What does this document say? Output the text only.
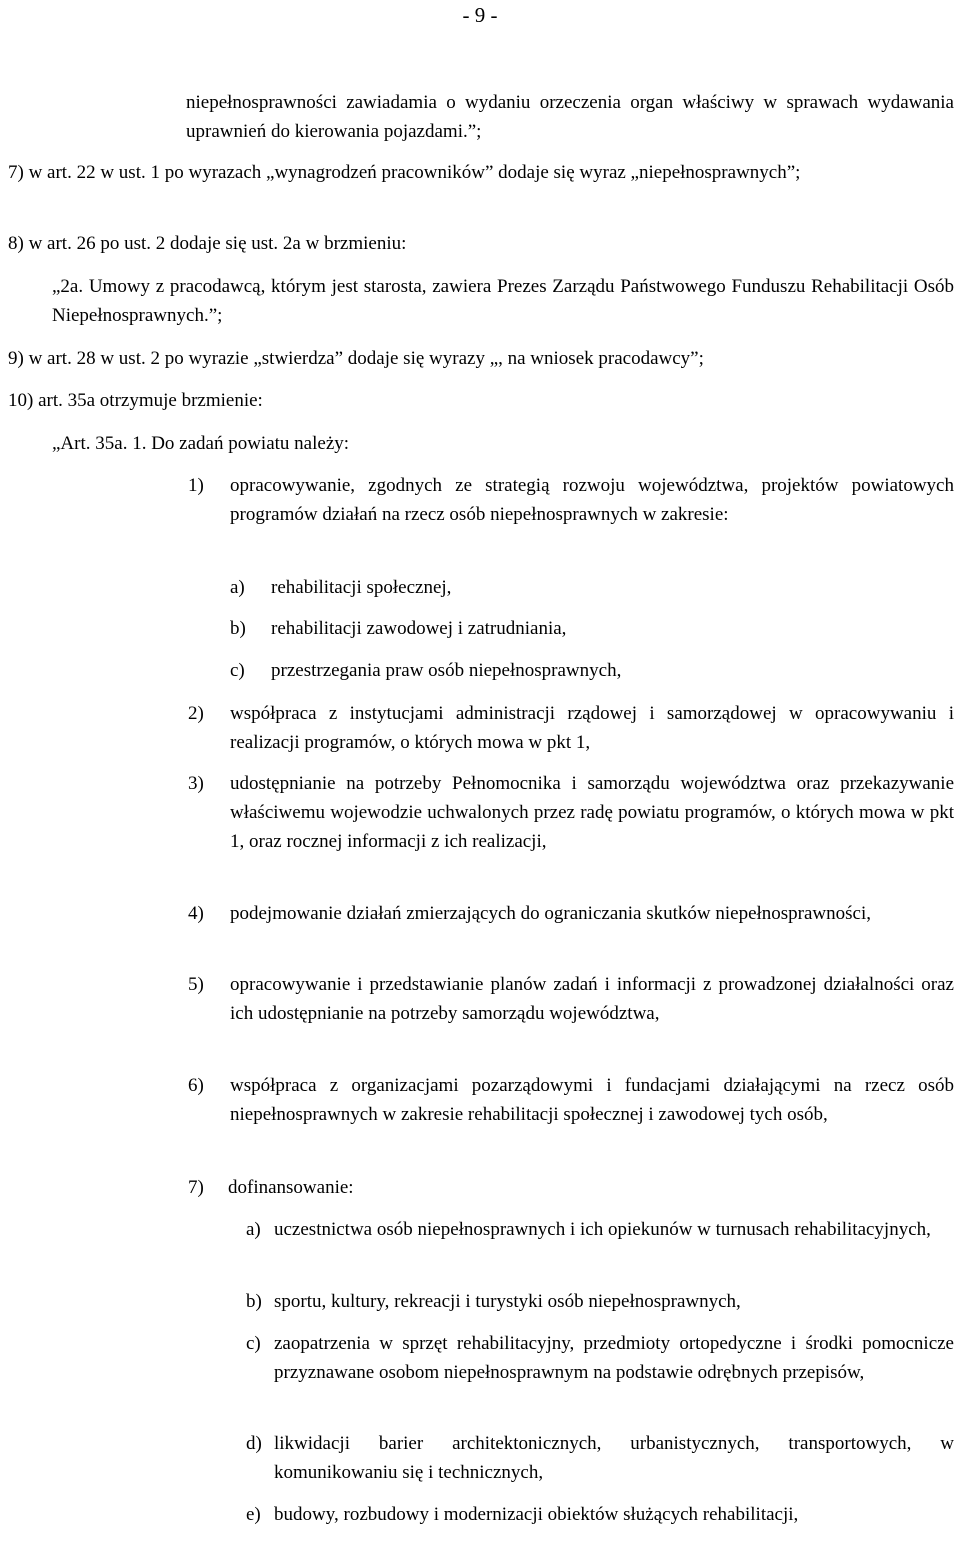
- 9 -

niepełnosprawności zawiadamia o wydaniu orzeczenia organ właściwy w sprawach wydawania uprawnień do kierowania pojazdami.”;

7) w art. 22 w ust. 1 po wyrazach „wynagrodzeń pracowników” dodaje się wyraz „niepełnosprawnych”;

8) w art. 26 po ust. 2 dodaje się ust. 2a w brzmieniu:

„2a. Umowy z pracodawcą, którym jest starosta, zawiera Prezes Zarządu Państwowego Funduszu Rehabilitacji Osób Niepełnosprawnych.”;

9) w art. 28 w ust. 2 po wyrazie „stwierdza” dodaje się wyrazy „, na wniosek pracodawcy”;

10) art. 35a otrzymuje brzmienie:

„Art. 35a. 1. Do zadań powiatu należy:

1) opracowywanie, zgodnych ze strategią rozwoju województwa, projektów powiatowych programów działań na rzecz osób niepełnosprawnych w zakresie:
a) rehabilitacji społecznej,
b) rehabilitacji zawodowej i zatrudniania,
c) przestrzegania praw osób niepełnosprawnych,
2) współpraca z instytucjami administracji rządowej i samorządowej w opracowywaniu i realizacji programów, o których mowa w pkt 1,
3) udostępnianie na potrzeby Pełnomocnika i samorządu województwa oraz przekazywanie właściwemu wojewodzie uchwalonych przez radę powiatu programów, o których mowa w pkt 1, oraz rocznej informacji z ich realizacji,
4) podejmowanie działań zmierzających do ograniczania skutków niepełnosprawności,
5) opracowywanie i przedstawianie planów zadań i informacji z prowadzonej działalności oraz ich udostępnianie na potrzeby samorządu województwa,
6) współpraca z organizacjami pozarządowymi i fundacjami działającymi na rzecz osób niepełnosprawnych w zakresie rehabilitacji społecznej i zawodowej tych osób,
7) dofinansowanie:
a) uczestnictwa osób niepełnosprawnych i ich opiekunów w turnusach rehabilitacyjnych,
b) sportu, kultury, rekreacji i turystyki osób niepełnosprawnych,
c) zaopatrzenia w sprzęt rehabilitacyjny, przedmioty ortopedyczne i środki pomocnicze przyznawane osobom niepełnosprawnym na podstawie odrębnych przepisów,
d) likwidacji barier architektonicznych, urbanistycznych, transportowych, w komunikowaniu się i technicznych,
e) budowy, rozbudowy i modernizacji obiektów służących rehabilitacji,
